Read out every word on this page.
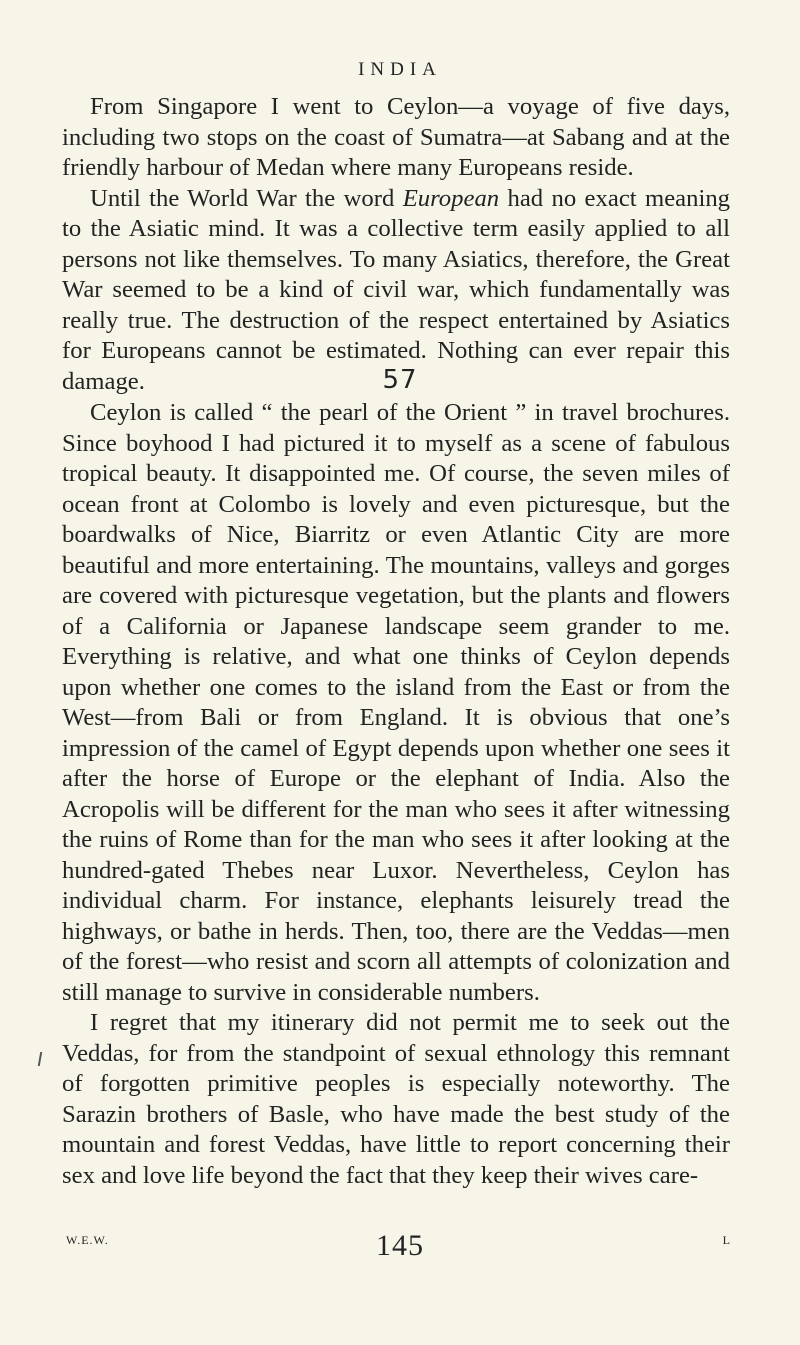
INDIA

From Singapore I went to Ceylon—a voyage of five days, including two stops on the coast of Sumatra—at Sabang and at the friendly harbour of Medan where many Europeans reside.

Until the World War the word European had no exact meaning to the Asiatic mind. It was a collective term easily applied to all persons not like themselves. To many Asiatics, therefore, the Great War seemed to be a kind of civil war, which fundamentally was really true. The destruction of the respect entertained by Asiatics for Europeans cannot be estimated. Nothing can ever repair this damage.	57

Ceylon is called “ the pearl of the Orient ” in travel brochures. Since boyhood I had pictured it to myself as a scene of fabulous tropical beauty. It disappointed me. Of course, the seven miles of ocean front at Colombo is lovely and even picturesque, but the boardwalks of Nice, Biarritz or even Atlantic City are more beautiful and more entertaining. The mountains, valleys and gorges are covered with picturesque vegetation, but the plants and flowers of a California or Japanese landscape seem grander to me. Everything is relative, and what one thinks of Ceylon depends upon whether one comes to the island from the East or from the West—from Bali or from England. It is obvious that one’s impression of the camel of Egypt depends upon whether one sees it after the horse of Europe or the elephant of India. Also the Acropolis will be different for the man who sees it after witnessing the ruins of Rome than for the man who sees it after looking at the hundred-gated Thebes near Luxor. Nevertheless, Ceylon has individual charm. For instance, elephants leisurely tread the highways, or bathe in herds. Then, too, there are the Veddas—men of the forest—who resist and scorn all attempts of colonization and still manage to survive in considerable numbers.

I regret that my itinerary did not permit me to seek out the Veddas, for from the standpoint of sexual ethnology this remnant of forgotten primitive peoples is especially noteworthy. The Sarazin brothers of Basle, who have made the best study of the mountain and forest Veddas, have little to report concerning their sex and love life beyond the fact that they keep their wives care-

W.E.W.	145	L
